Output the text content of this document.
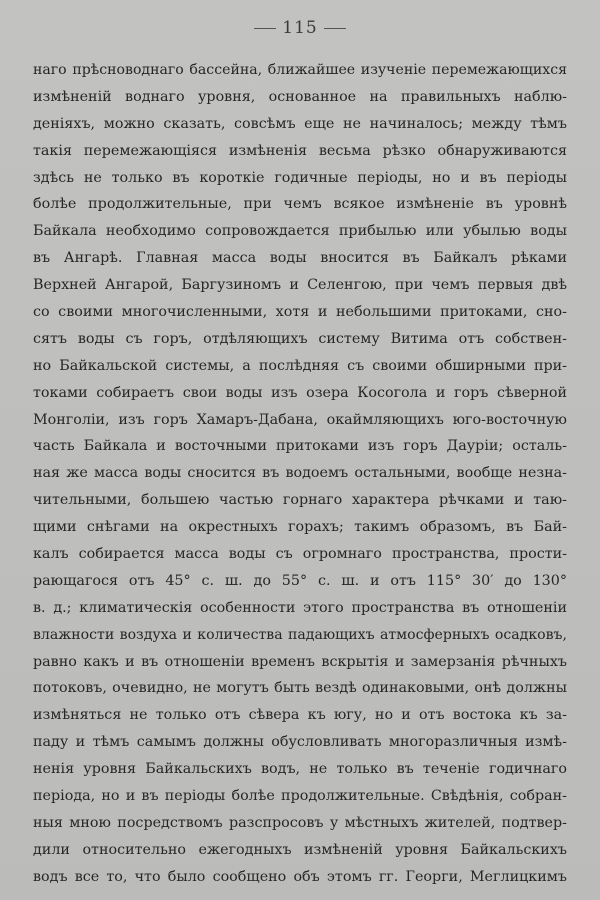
115
наго прѣсноводнаго бассейна, ближайшее изученіе перемежающихся
измѣненій воднаго уровня, основанное на правильныхъ наблю-
деніяхъ, можно сказать, совсѣмъ еще не начиналось; между тѣмъ
такія перемежающіяся измѣненія весьма рѣзко обнаруживаются
здѣсь не только въ короткіе годичные періоды, но и въ періоды
болѣе продолжительные, при чемъ всякое измѣненіе въ уровнѣ
Байкала необходимо сопровождается прибылью или убылью воды
въ Ангарѣ. Главная масса воды вносится въ Байкалъ рѣками
Верхней Ангарой, Баргузиномъ и Селенгою, при чемъ первыя двѣ
со своими многочисленными, хотя и небольшими притоками, сно-
сятъ воды съ горъ, отдѣляющихъ систему Витима отъ собствен-
но Байкальской системы, а послѣдняя съ своими обширными при-
токами собираетъ свои воды изъ озера Косогола и горъ сѣверной
Монголіи, изъ горъ Хамаръ-Дабана, окаймляющихъ юго-восточную
часть Байкала и восточными притоками изъ горъ Дауріи; осталь-
ная же масса воды сносится въ водоемъ остальными, вообще незна-
чительными, большею частью горнаго характера рѣчками и таю-
щими снѣгами на окрестныхъ горахъ; такимъ образомъ, въ Бай-
калъ собирается масса воды съ огромнаго пространства, прости-
рающагося отъ 45° с. ш. до 55° с. ш. и отъ 115° 30′ до 130°
в. д.; климатическія особенности этого пространства въ отношеніи
влажности воздуха и количества падающихъ атмосферныхъ осадковъ,
равно какъ и въ отношеніи временъ вскрытія и замерзанія рѣчныхъ
потоковъ, очевидно, не могутъ быть вездѣ одинаковыми, онѣ должны
измѣняться не только отъ сѣвера къ югу, но и отъ востока къ за-
паду и тѣмъ самымъ должны обусловливать многоразличныя измѣ-
ненія уровня Байкальскихъ водъ, не только въ теченіе годичнаго
періода, но и въ періоды болѣе продолжительные. Свѣдѣнія, собран-
ныя мною посредствомъ разспросовъ у мѣстныхъ жителей, подтвер-
дили относительно ежегодныхъ измѣненій уровня Байкальскихъ
водъ все то, что было сообщено объ этомъ гг. Георги, Меглицкимъ
